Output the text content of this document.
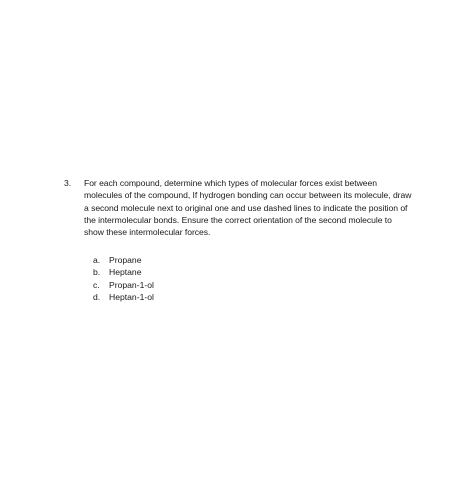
3.	For each compound, determine which types of molecular forces exist between
molecules of the compound, If hydrogen bonding can occur between its molecule, draw
a second molecule next to original one and use dashed lines to indicate the position of
the intermolecular bonds. Ensure the correct orientation of the second molecule to
show these intermolecular forces.
a.	Propane
b.	Heptane
c.	Propan-1-ol
d.	Heptan-1-ol
